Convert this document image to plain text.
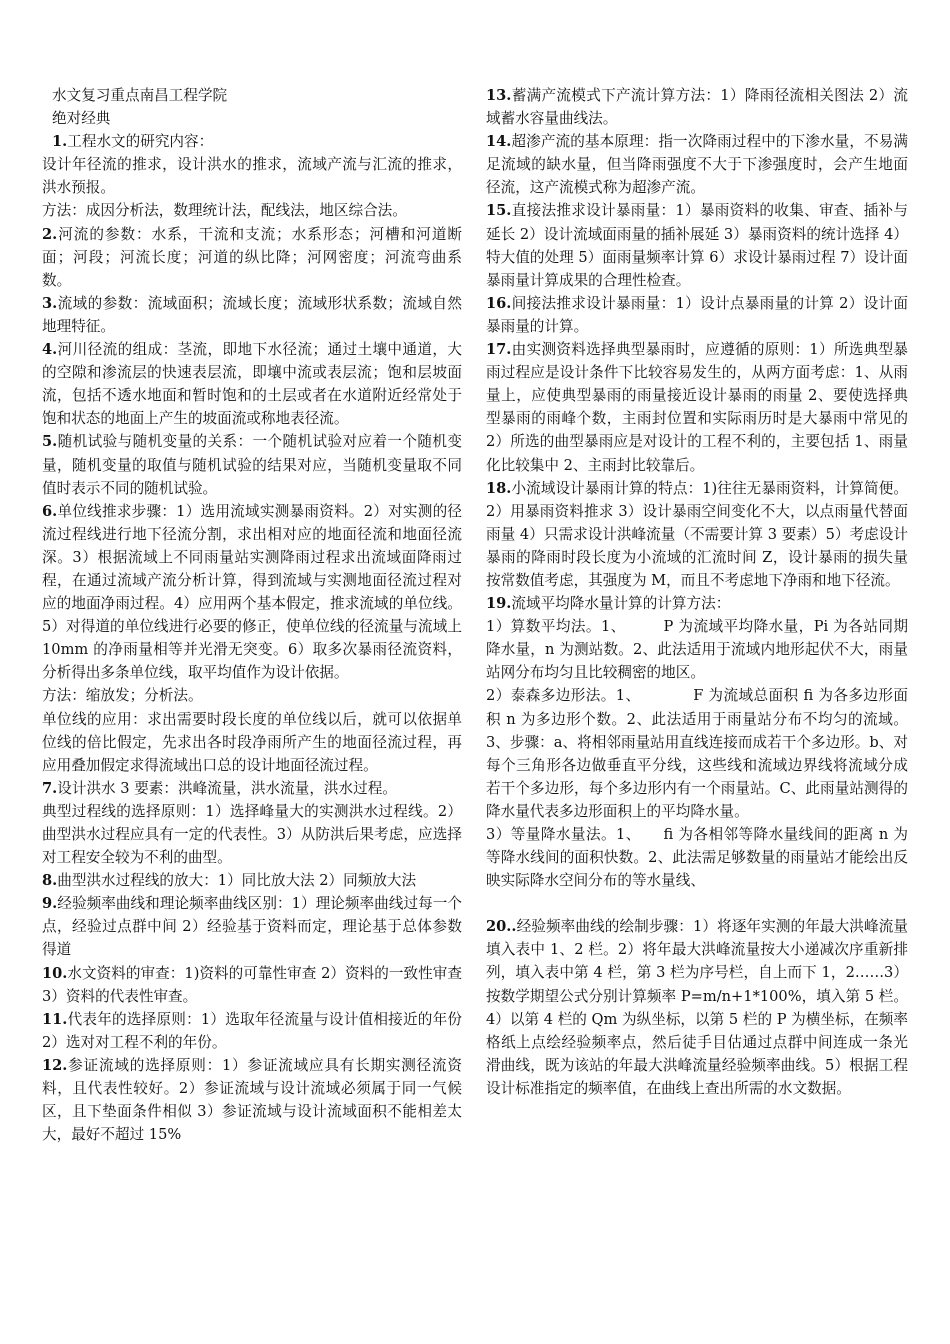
水文复习重点南昌工程学院

绝对经典

1.工程水文的研究内容：

设计年径流的推求，设计洪水的推求，流域产流与汇流的推求，洪水预报。

方法：成因分析法，数理统计法，配线法，地区综合法。

2.河流的参数：水系，干流和支流；水系形态；河槽和河道断面；河段；河流长度；河道的纵比降；河网密度；河流弯曲系数。

3.流域的参数：流域面积；流域长度；流域形状系数；流域自然地理特征。

4.河川径流的组成：茎流，即地下水径流；通过土壤中通道，大的空隙和渗流层的快速表层流，即壤中流或表层流；饱和层坡面流，包括不透水地面和暂时饱和的土层或者在水道附近经常处于饱和状态的地面上产生的坡面流或称地表径流。

5.随机试验与随机变量的关系：一个随机试验对应着一个随机变量，随机变量的取值与随机试验的结果对应，当随机变量取不同值时表示不同的随机试验。

6.单位线推求步骤：1）选用流域实测暴雨资料。2）对实测的径流过程线进行地下径流分割，求出相对应的地面径流和地面径流深。3）根据流域上不同雨量站实测降雨过程求出流域面降雨过程，在通过流域产流分析计算，得到流域与实测地面径流过程对应的地面净雨过程。4）应用两个基本假定，推求流域的单位线。5）对得道的单位线进行必要的修正，使单位线的径流量与流域上 10mm 的净雨量相等并光滑无突变。6）取多次暴雨径流资料，分析得出多条单位线，取平均值作为设计依据。

方法：缩放发；分析法。

单位线的应用：求出需要时段长度的单位线以后，就可以依据单位线的倍比假定，先求出各时段净雨所产生的地面径流过程，再应用叠加假定求得流域出口总的设计地面径流过程。

7.设计洪水 3 要素：洪峰流量，洪水流量，洪水过程。

典型过程线的选择原则：1）选择峰量大的实测洪水过程线。2）曲型洪水过程应具有一定的代表性。3）从防洪后果考虑，应选择对工程安全较为不利的曲型。

8.曲型洪水过程线的放大：1）同比放大法 2）同频放大法

9.经验频率曲线和理论频率曲线区别：1）理论频率曲线过每一个点，经验过点群中间 2）经验基于资料而定，理论基于总体参数得道

10.水文资料的审查：1)资料的可靠性审查 2）资料的一致性审查 3）资料的代表性审查。

11.代表年的选择原则：1）选取年径流量与设计值相接近的年份 2）选对对工程不利的年份。

12.参证流域的选择原则：1）参证流域应具有长期实测径流资料，且代表性较好。2）参证流域与设计流域必须属于同一气候区，且下垫面条件相似 3）参证流域与设计流域面积不能相差太大，最好不超过 15%

13.蓄满产流模式下产流计算方法：1）降雨径流相关图法 2）流域蓄水容量曲线法。

14.超渗产流的基本原理：指一次降雨过程中的下渗水量，不易满足流域的缺水量，但当降雨强度不大于下渗强度时，会产生地面径流，这产流模式称为超渗产流。

15.直接法推求设计暴雨量：1）暴雨资料的收集、审查、插补与延长 2）设计流域面雨量的插补展延 3）暴雨资料的统计选择 4）特大值的处理 5）面雨量频率计算 6）求设计暴雨过程 7）设计面暴雨量计算成果的合理性检查。

16.间接法推求设计暴雨量：1）设计点暴雨量的计算 2）设计面暴雨量的计算。

17.由实测资料选择典型暴雨时，应遵循的原则：1）所选典型暴雨过程应是设计条件下比较容易发生的，从两方面考虑：1、从雨量上，应使典型暴雨的雨量接近设计暴雨的雨量 2、要使选择典型暴雨的雨峰个数，主雨封位置和实际雨历时是大暴雨中常见的 2）所选的曲型暴雨应是对设计的工程不利的，主要包括 1、雨量化比较集中 2、主雨封比较靠后。

18.小流域设计暴雨计算的特点：1)往往无暴雨资料，计算简便。2）用暴雨资料推求 3）设计暴雨空间变化不大，以点雨量代替面雨量 4）只需求设计洪峰流量（不需要计算 3 要素）5）考虑设计暴雨的降雨时段长度为小流域的汇流时间 Z，设计暴雨的损失量按常数值考虑，其强度为 M，而且不考虑地下净雨和地下径流。

19.流域平均降水量计算的计算方法：

1）算数平均法。1、　　　P 为流域平均降水量，Pi 为各站同期降水量，n 为测站数。2、此法适用于流域内地形起伏不大，雨量站网分布均匀且比较稠密的地区。

2）泰森多边形法。1、　　　　F 为流域总面积 fi 为各多边形面积 n 为多边形个数。2、此法适用于雨量站分布不均匀的流域。3、步骤：a、将相邻雨量站用直线连接而成若干个多边形。b、对每个三角形各边做垂直平分线，这些线和流域边界线将流域分成若干个多边形，每个多边形内有一个雨量站。C、此雨量站测得的降水量代表多边形面积上的平均降水量。

3）等量降水量法。1、　　fi 为各相邻等降水量线间的距离 n 为等降水线间的面积快数。2、此法需足够数量的雨量站才能绘出反映实际降水空间分布的等水量线、

20..经验频率曲线的绘制步骤：1）将逐年实测的年最大洪峰流量填入表中 1、2 栏。2）将年最大洪峰流量按大小递减次序重新排列，填入表中第 4 栏，第 3 栏为序号栏，自上而下 1，2……3）按数学期望公式分别计算频率 P=m/n+1*100%，填入第 5 栏。4）以第 4 栏的 Qm 为纵坐标，以第 5 栏的 P 为横坐标，在频率格纸上点绘经验频率点，然后徒手目估通过点群中间连成一条光滑曲线，既为该站的年最大洪峰流量经验频率曲线。5）根据工程设计标准指定的频率值，在曲线上查出所需的水文数据。
